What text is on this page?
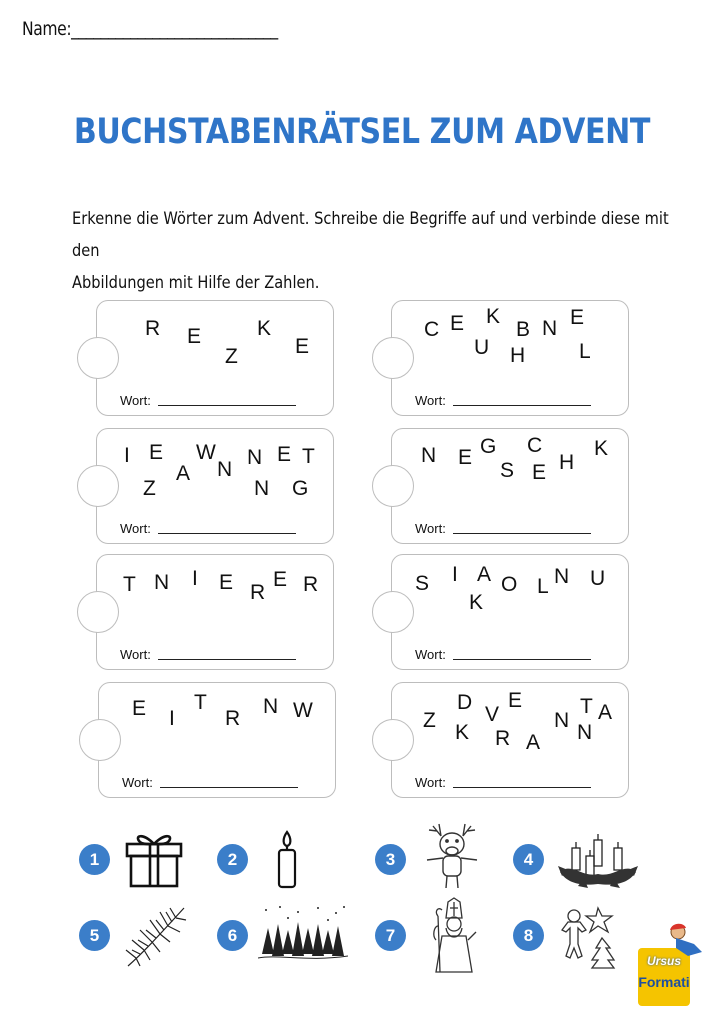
Name:____________________________
BUCHSTABENRÄTSEL ZUM ADVENT
Erkenne die Wörter zum Advent. Schreibe die Begriffe auf und verbinde diese mit den
Abbildungen mit Hilfe der Zahlen.
R E
Z
K
E
Wort:
C E K
U
B
H
N E
L
Wort:
I E
Z
A
W
N
N
N
E T
G
Wort:
N E G
S
C
E H
K
Wort:
T N I E R
E R
Wort:
S I
K
A O L N U
Wort:
E I
T
R
N W
Wort:
Z
D
K
V
R
E
A
N
T
N
A
Wort:
1	2	3	4
5	6	7	8
Ursus
Formati
